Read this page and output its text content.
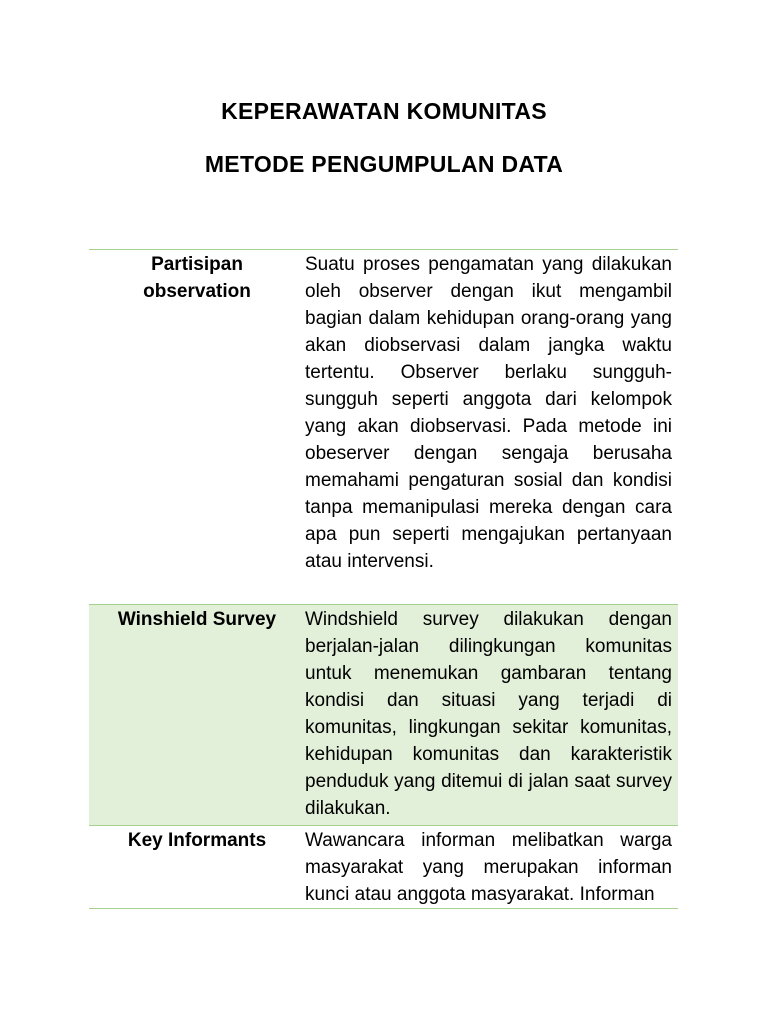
KEPERAWATAN KOMUNITAS
METODE PENGUMPULAN DATA
Partisipan observation	Suatu proses pengamatan yang dilakukan oleh observer dengan ikut mengambil bagian dalam kehidupan orang-orang yang akan diobservasi dalam jangka waktu tertentu. Observer berlaku sungguh- sungguh seperti anggota dari kelompok yang akan diobservasi. Pada metode ini obeserver dengan sengaja berusaha memahami pengaturan sosial dan kondisi tanpa memanipulasi mereka dengan cara apa pun seperti mengajukan pertanyaan atau intervensi.

Winshield Survey	Windshield survey dilakukan dengan berjalan-jalan dilingkungan komunitas untuk menemukan gambaran tentang kondisi dan situasi yang terjadi di komunitas, lingkungan sekitar komunitas, kehidupan komunitas dan karakteristik penduduk yang ditemui di jalan saat survey dilakukan.

Key Informants	Wawancara informan melibatkan warga masyarakat yang merupakan informan kunci atau anggota masyarakat. Informan
